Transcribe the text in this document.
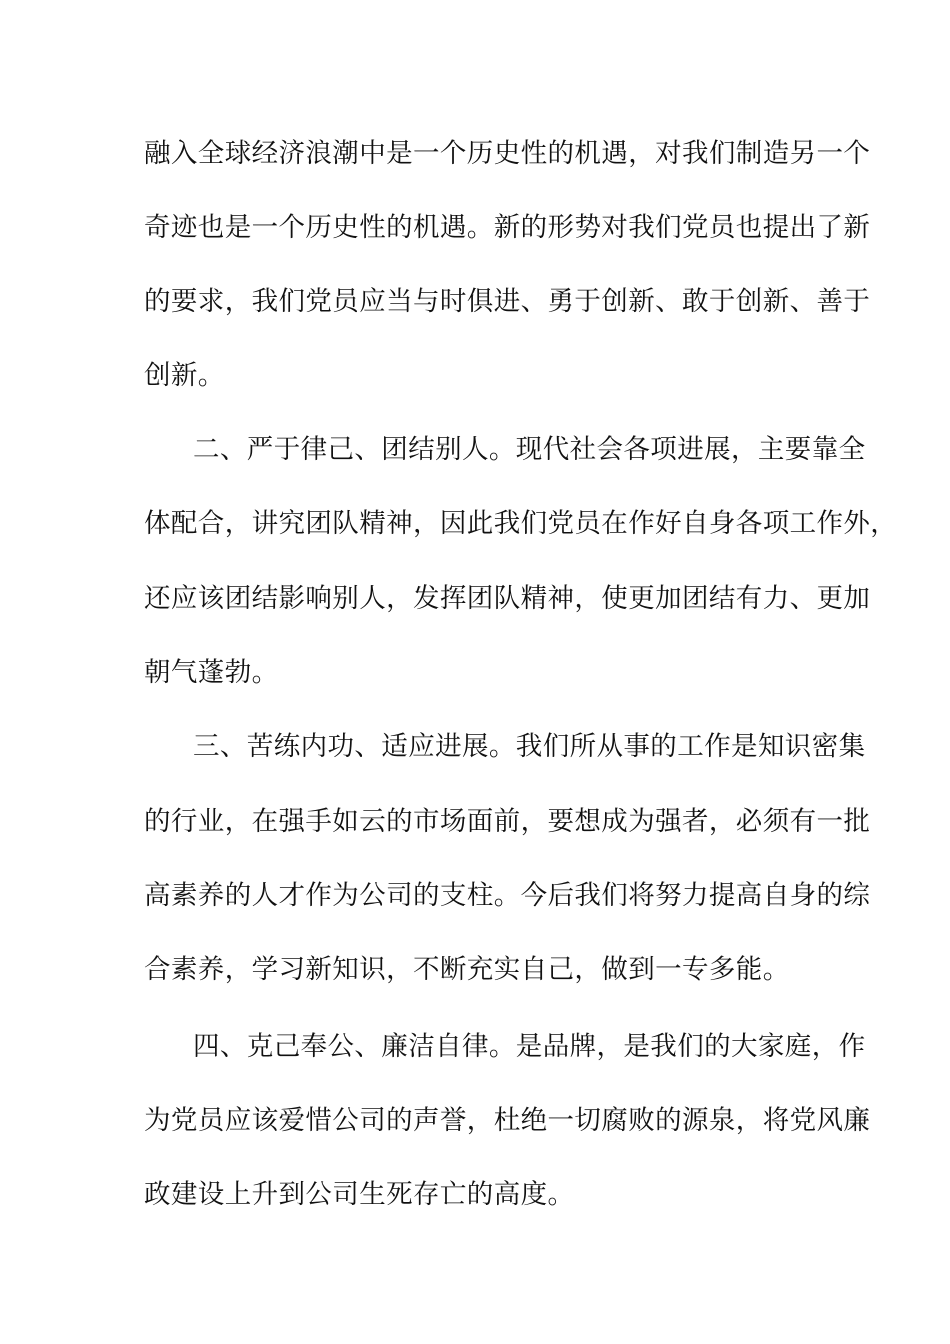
融入全球经济浪潮中是一个历史性的机遇，对我们制造另一个
奇迹也是一个历史性的机遇。新的形势对我们党员也提出了新
的要求，我们党员应当与时俱进、勇于创新、敢于创新、善于
创新。
二、严于律己、团结别人。现代社会各项进展，主要靠全
体配合，讲究团队精神，因此我们党员在作好自身各项工作外，
还应该团结影响别人，发挥团队精神，使更加团结有力、更加
朝气蓬勃。
三、苦练内功、适应进展。我们所从事的工作是知识密集
的行业，在强手如云的市场面前，要想成为强者，必须有一批
高素养的人才作为公司的支柱。今后我们将努力提高自身的综
合素养，学习新知识，不断充实自己，做到一专多能。
四、克己奉公、廉洁自律。是品牌，是我们的大家庭，作
为党员应该爱惜公司的声誉，杜绝一切腐败的源泉，将党风廉
政建设上升到公司生死存亡的高度。
